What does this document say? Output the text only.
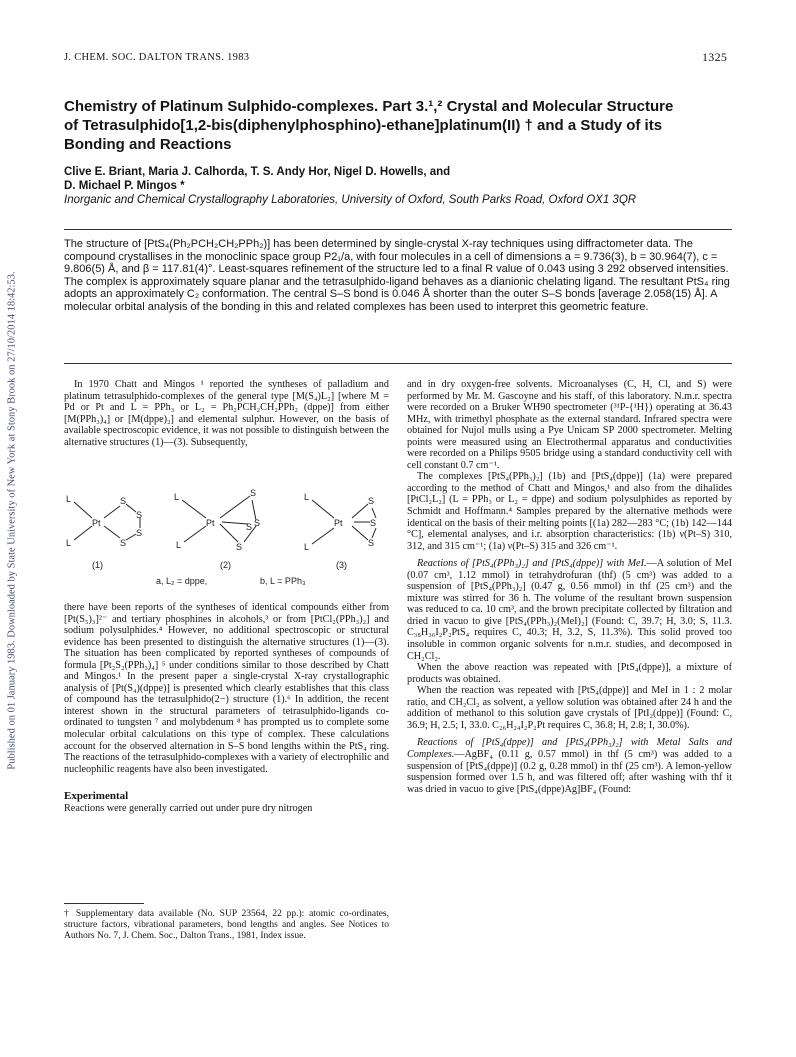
Published on 01 January 1983. Downloaded by State University of New York at Stony Brook on 27/10/2014 18:42:53.
J. CHEM. SOC. DALTON TRANS. 1983	1325
Chemistry of Platinum Sulphido-complexes. Part 3.¹,² Crystal and Molecular Structure of Tetrasulphido[1,2-bis(diphenylphosphino)-ethane]platinum(II) † and a Study of its Bonding and Reactions
Clive E. Briant, Maria J. Calhorda, T. S. Andy Hor, Nigel D. Howells, and
D. Michael P. Mingos *
Inorganic and Chemical Crystallography Laboratories, University of Oxford, South Parks Road, Oxford OX1 3QR
The structure of [PtS₄(Ph₂PCH₂CH₂PPh₂)] has been determined by single-crystal X-ray techniques using diffractometer data. The compound crystallises in the monoclinic space group P2₁/a, with four molecules in a cell of dimensions a = 9.736(3), b = 30.964(7), c = 9.806(5) Å, and β = 117.81(4)°. Least-squares refinement of the structure led to a final R value of 0.043 using 3 292 observed intensities. The complex is approximately square planar and the tetrasulphido-ligand behaves as a dianionic chelating ligand. The resultant PtS₄ ring adopts an approximately C₂ conformation. The central S–S bond is 0.046 Å shorter than the outer S–S bonds [average 2.058(15) Å]. A molecular orbital analysis of the bonding in this and related complexes has been used to interpret this geometric feature.

In 1970 Chatt and Mingos ¹ reported the syntheses of palladium and platinum tetrasulphido-complexes of the general type [M(S₄)L₂] [where M = Pd or Pt and L = PPh₃ or L₂ = Ph₂PCH₂CH₂PPh₂ (dppe)] from either [M(PPh₃)₄] or [M(dppe)₂] and elemental sulphur. However, on the basis of available spectroscopic evidence, it was not possible to distinguish between the alternative structures (1)—(3). Subsequently,

L
L
Pt
S
S
S
S
L
L
Pt
S
S
S
S
L
L
Pt
S
S
S
(1)	(2)	(3)
a, L₂ = dppe,	b, L = PPh₃

there have been reports of the syntheses of identical compounds either from [Pt(S₅)₃]²⁻ and tertiary phosphines in alcohols,³ or from [PtCl₂(PPh₃)₂] and sodium polysulphides.⁴ However, no additional spectroscopic or structural evidence has been presented to distinguish the alternative structures (1)—(3). The situation has been complicated by reported syntheses of compounds of formula [Pt₂S₂(PPh₃)₄] ⁵ under conditions similar to those described by Chatt and Mingos.¹ In the present paper a single-crystal X-ray crystallographic analysis of [Pt(S₄)(dppe)] is presented which clearly establishes that this class of compound has the tetrasulphido(2−) structure (1).⁶ In addition, the recent interest shown in the structural parameters of tetrasulphido-ligands co-ordinated to tungsten ⁷ and molybdenum ⁸ has prompted us to complete some molecular orbital calculations on this type of complex. These calculations account for the observed alternation in S–S bond lengths within the PtS₄ ring. The reactions of the tetrasulphido-complexes with a variety of electrophilic and nucleophilic reagents have also been investigated.

Experimental

Reactions were generally carried out under pure dry nitrogen

† Supplementary data available (No. SUP 23564, 22 pp.): atomic co-ordinates, structure factors, vibrational parameters, bond lengths and angles. See Notices to Authors No. 7, J. Chem. Soc., Dalton Trans., 1981, Index issue.

and in dry oxygen-free solvents. Microanalyses (C, H, Cl, and S) were performed by Mr. M. Gascoyne and his staff, of this laboratory. N.m.r. spectra were recorded on a Bruker WH90 spectrometer (³¹P-{¹H}) operating at 36.43 MHz, with trimethyl phosphate as the external standard. Infrared spectra were obtained for Nujol mulls using a Pye Unicam SP 2000 spectrometer. Melting points were measured using an Electrothermal apparatus and conductivities were recorded on a Philips 9505 bridge using a standard conductivity cell with cell constant 0.7 cm⁻¹.

The complexes [PtS₄(PPh₃)₂] (1b) and [PtS₄(dppe)] (1a) were prepared according to the method of Chatt and Mingos,¹ and also from the dihalides [PtCl₂L₂] (L = PPh₃ or L₂ = dppe) and sodium polysulphides as reported by Schmidt and Hoffmann.⁴ Samples prepared by the alternative methods were identical on the basis of their melting points [(1a) 282—283 °C; (1b) 142—144 °C], elemental analyses, and i.r. absorption characteristics: (1b) ν(Pt–S) 310, 312, and 315 cm⁻¹; (1a) ν(Pt–S) 315 and 326 cm⁻¹.

Reactions of [PtS₄(PPh₃)₂] and [PtS₄(dppe)] with MeI.—A solution of MeI (0.07 cm³, 1.12 mmol) in tetrahydrofuran (thf) (5 cm³) was added to a suspension of [PtS₄(PPh₃)₂] (0.47 g, 0.56 mmol) in thf (25 cm³) and the mixture was stirred for 36 h. The volume of the resultant brown suspension was reduced to ca. 10 cm³, and the brown precipitate collected by filtration and dried in vacuo to give [PtS₄(PPh₃)₂(MeI)₂] (Found: C, 39.7; H, 3.0; S, 11.3. C₃₈H₃₆I₂P₂PtS₄ requires C, 40.3; H, 3.2, S, 11.3%). This solid proved too insoluble in common organic solvents for n.m.r. studies, and decomposed in CH₂Cl₂.

When the above reaction was repeated with [PtS₄(dppe)], a mixture of products was obtained.

When the reaction was repeated with [PtS₄(dppe)] and MeI in 1 : 2 molar ratio, and CH₂Cl₂ as solvent, a yellow solution was obtained after 24 h and the addition of methanol to this solution gave crystals of [PtI₂(dppe)] (Found: C, 36.9; H, 2.5; I, 33.0. C₂₆H₂₄I₂P₂Pt requires C, 36.8; H, 2.8; I, 30.0%).

Reactions of [PtS₄(dppe)] and [PtS₄(PPh₃)₂] with Metal Salts and Complexes.—AgBF₄ (0.11 g, 0.57 mmol) in thf (5 cm³) was added to a suspension of [PtS₄(dppe)] (0.2 g, 0.28 mmol) in thf (25 cm³). A lemon-yellow suspension formed over 1.5 h, and was filtered off; after washing with thf it was dried in vacuo to give [PtS₄(dppe)Ag]BF₄ (Found:
